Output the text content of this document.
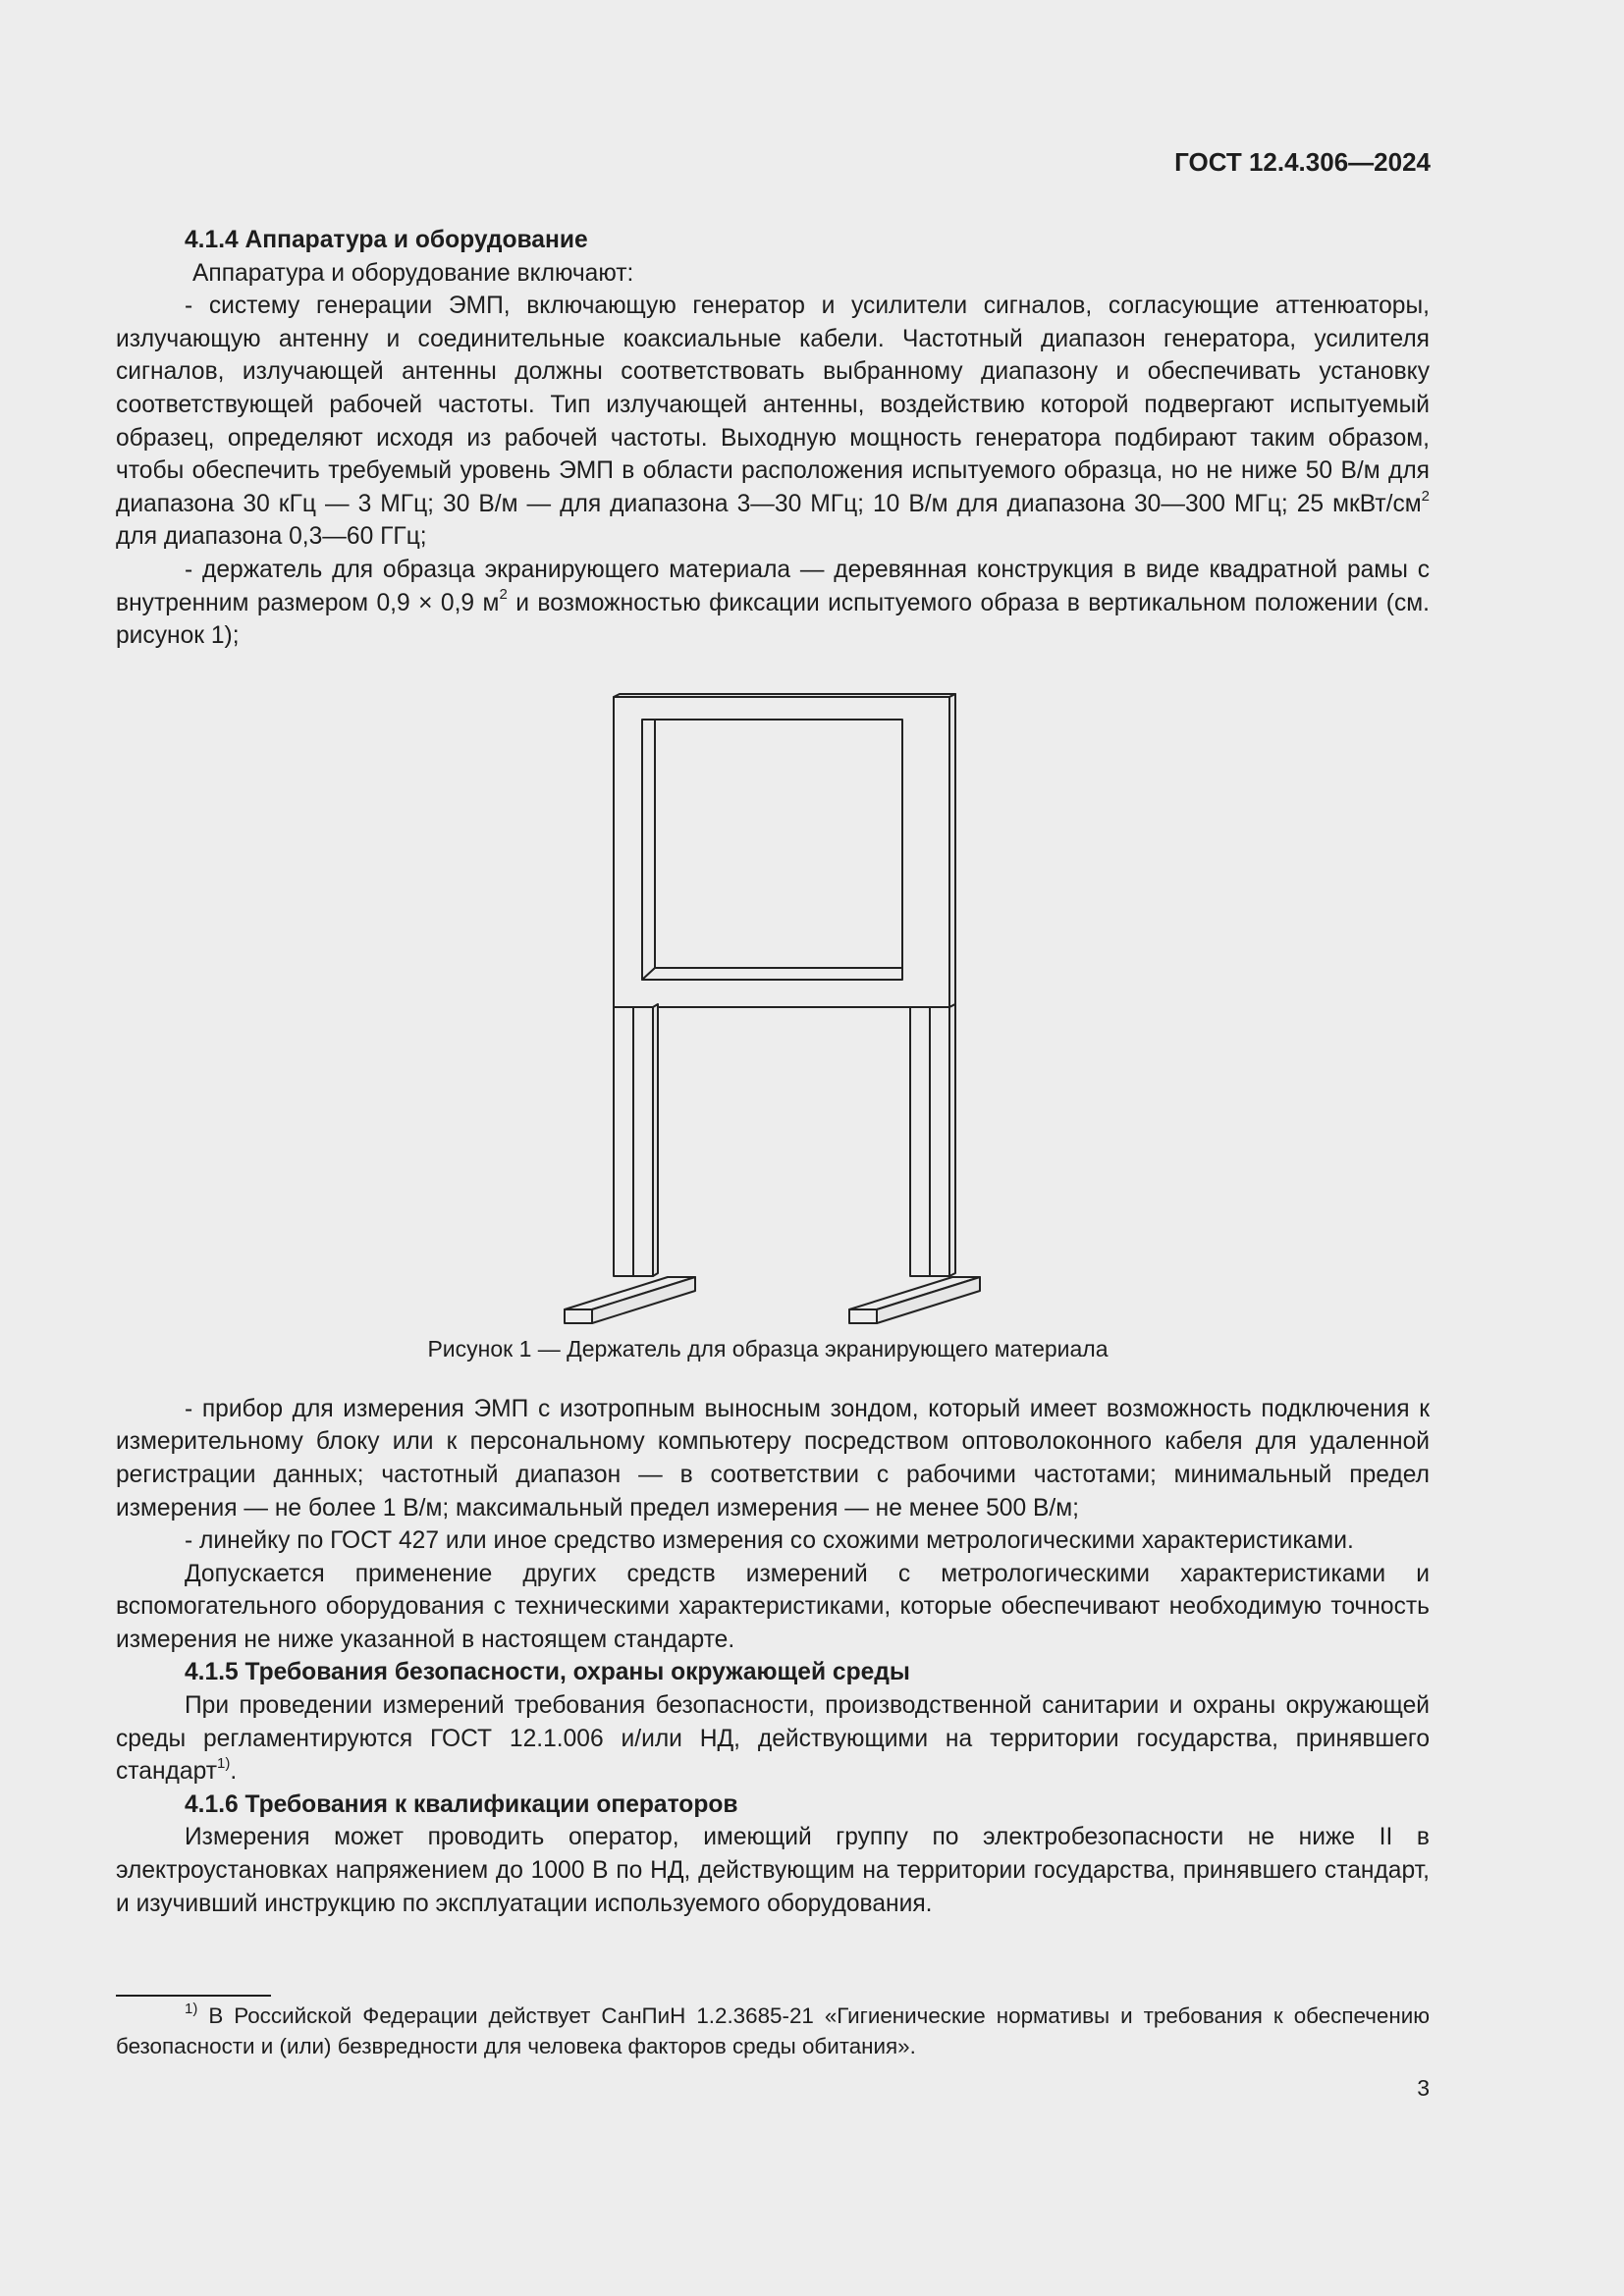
ГОСТ 12.4.306—2024

4.1.4 Аппаратура и оборудование

Аппаратура и оборудование включают:

- систему генерации ЭМП, включающую генератор и усилители сигналов, согласующие аттенюаторы, излучающую антенну и соединительные коаксиальные кабели. Частотный диапазон генератора, усилителя сигналов, излучающей антенны должны соответствовать выбранному диапазону и обеспечивать установку соответствующей рабочей частоты. Тип излучающей антенны, воздействию которой подвергают испытуемый образец, определяют исходя из рабочей частоты. Выходную мощность генератора подбирают таким образом, чтобы обеспечить требуемый уровень ЭМП в области расположения испытуемого образца, но не ниже 50 В/м для диапазона 30 кГц — 3 МГц; 30 В/м — для диапазона 3—30 МГц; 10 В/м для диапазона 30—300 МГц; 25 мкВт/$см^2$ для диапазона 0,3—60 ГГц;

- держатель для образца экранирующего материала — деревянная конструкция в виде квадратной рамы с внутренним размером 0,9 × 0,9 $м^2$ и возможностью фиксации испытуемого образа в вертикальном положении (см. рисунок 1);

Рисунок 1 — Держатель для образца экранирующего материала

- прибор для измерения ЭМП с изотропным выносным зондом, который имеет возможность подключения к измерительному блоку или к персональному компьютеру посредством оптоволоконного кабеля для удаленной регистрации данных; частотный диапазон — в соответствии с рабочими частотами; минимальный предел измерения — не более 1 В/м; максимальный предел измерения — не менее 500 В/м;

- линейку по ГОСТ 427 или иное средство измерения со схожими метрологическими характеристиками.

Допускается применение других средств измерений с метрологическими характеристиками и вспомогательного оборудования с техническими характеристиками, которые обеспечивают необходимую точность измерения не ниже указанной в настоящем стандарте.

4.1.5 Требования безопасности, охраны окружающей среды

При проведении измерений требования безопасности, производственной санитарии и охраны окружающей среды регламентируются ГОСТ 12.1.006 и/или НД, действующими на территории государства, принявшего стандарт$^{1)}$.

4.1.6 Требования к квалификации операторов

Измерения может проводить оператор, имеющий группу по электробезопасности не ниже II в электроустановках напряжением до 1000 В по НД, действующим на территории государства, принявшего стандарт, и изучивший инструкцию по эксплуатации используемого оборудования.

$^{1)}$ В Российской Федерации действует СанПиН 1.2.3685-21 «Гигиенические нормативы и требования к обеспечению безопасности и (или) безвредности для человека факторов среды обитания».

3
